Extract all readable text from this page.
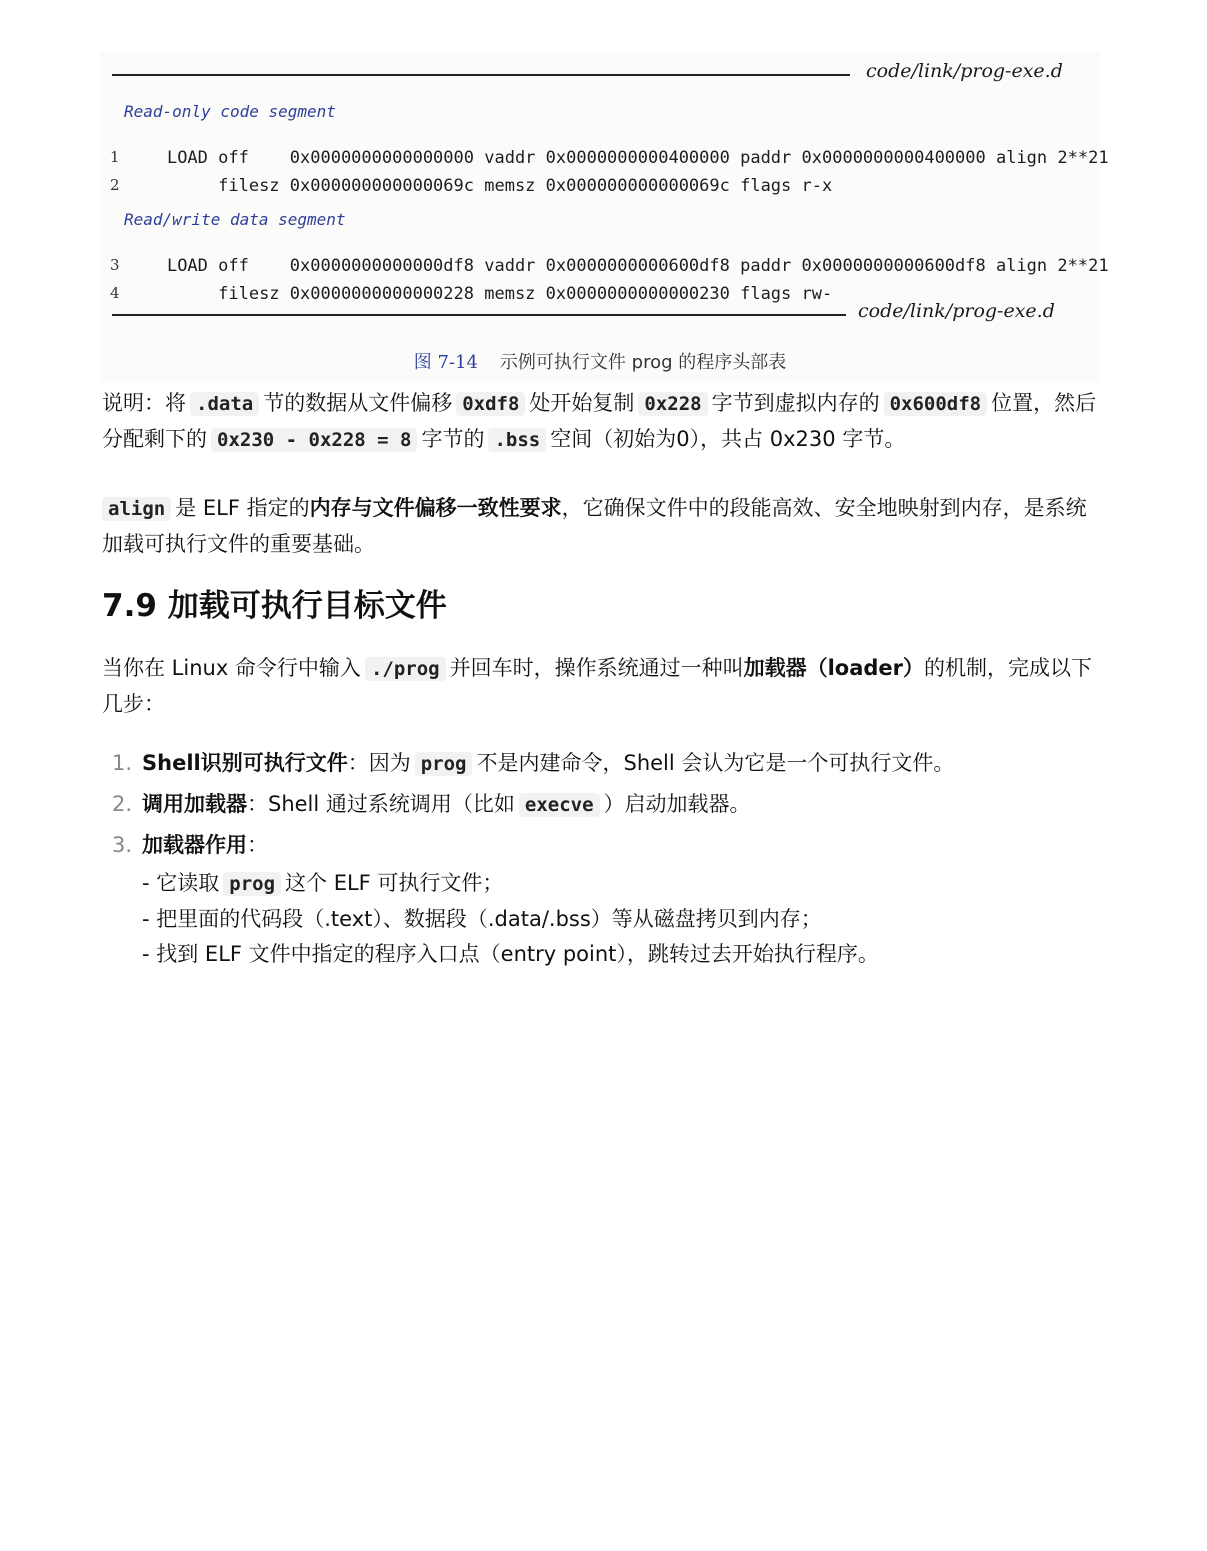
code/link/prog-exe.d
Read-only code segment

1	LOAD off    0x0000000000000000 vaddr 0x0000000000400000 paddr 0x0000000000400000 align 2**21

2	filesz 0x000000000000069c memsz 0x000000000000069c flags r-x

Read/write data segment

3	LOAD off    0x0000000000000df8 vaddr 0x0000000000600df8 paddr 0x0000000000600df8 align 2**21

4	filesz 0x0000000000000228 memsz 0x0000000000000230 flags rw-

code/link/prog-exe.d
图 7-14 示例可执行文件 prog 的程序头部表
说明：将 .data 节的数据从文件偏移 0xdf8 处开始复制 0x228 字节到虚拟内存的 0x600df8 位置，然后分配剩下的 0x230 - 0x228 = 8 字节的 .bss 空间（初始为0），共占 0x230 字节。
align 是 ELF 指定的内存与文件偏移一致性要求，它确保文件中的段能高效、安全地映射到内存，是系统加载可执行文件的重要基础。
7.9 加载可执行目标文件
当你在 Linux 命令行中输入 ./prog 并回车时，操作系统通过一种叫加载器（loader）的机制，完成以下几步：
1. Shell识别可执行文件：因为 prog 不是内建命令，Shell 会认为它是一个可执行文件。
2. 调用加载器：Shell 通过系统调用（比如 execve ）启动加载器。
3. 加载器作用：
- 它读取 prog 这个 ELF 可执行文件；
- 把里面的代码段（.text）、数据段（.data/.bss）等从磁盘拷贝到内存；
- 找到 ELF 文件中指定的程序入口点（entry point），跳转过去开始执行程序。
